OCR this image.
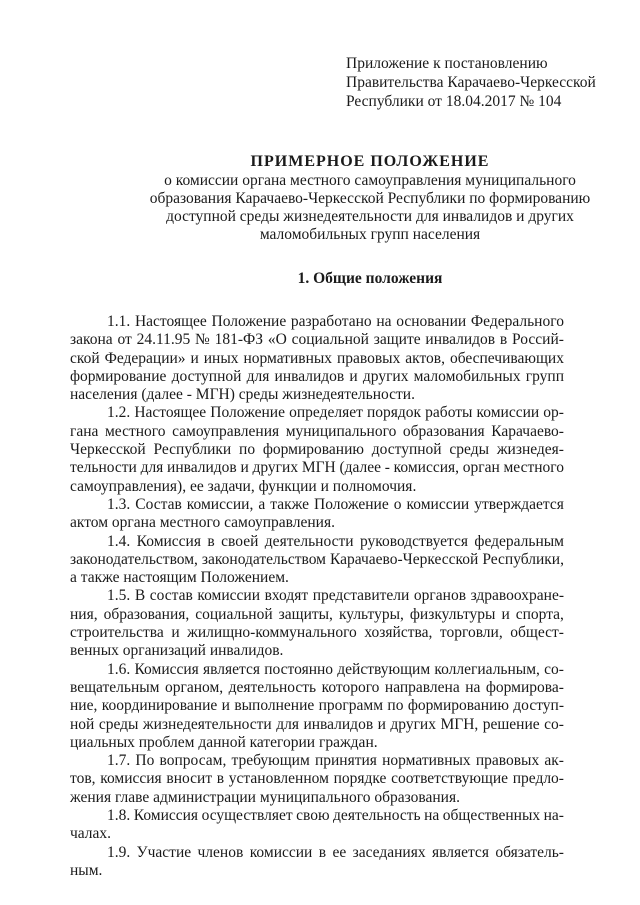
Приложение к постановлению
Правительства Карачаево-Черкесской
Республики от 18.04.2017 № 104
ПРИМЕРНОЕ ПОЛОЖЕНИЕ
о комиссии органа местного самоуправления муниципального
образования Карачаево-Черкесской Республики по формированию
доступной среды жизнедеятельности для инвалидов и других
маломобильных групп населения
1. Общие положения
1.1. Настоящее Положение разработано на основании Федерального
закона от 24.11.95 № 181-ФЗ «О социальной защите инвалидов в Россий-
ской Федерации» и иных нормативных правовых актов, обеспечивающих
формирование доступной для инвалидов и других маломобильных групп
населения (далее - МГН) среды жизнедеятельности.
1.2. Настоящее Положение определяет порядок работы комиссии ор-
гана местного самоуправления муниципального образования Карачаево-
Черкесской Республики по формированию доступной среды жизнедея-
тельности для инвалидов и других МГН (далее - комиссия, орган местного
самоуправления), ее задачи, функции и полномочия.
1.3. Состав комиссии, а также Положение о комиссии утверждается
актом органа местного самоуправления.
1.4. Комиссия в своей деятельности руководствуется федеральным
законодательством, законодательством Карачаево-Черкесской Республики,
а также настоящим Положением.
1.5. В состав комиссии входят представители органов здравоохране-
ния, образования, социальной защиты, культуры, физкультуры и спорта,
строительства и жилищно-коммунального хозяйства, торговли, общест-
венных организаций инвалидов.
1.6. Комиссия является постоянно действующим коллегиальным, со-
вещательным органом, деятельность которого направлена на формирова-
ние, координирование и выполнение программ по формированию доступ-
ной среды жизнедеятельности для инвалидов и других МГН, решение со-
циальных проблем данной категории граждан.
1.7. По вопросам, требующим принятия нормативных правовых ак-
тов, комиссия вносит в установленном порядке соответствующие предло-
жения главе администрации муниципального образования.
1.8. Комиссия осуществляет свою деятельность на общественных на-
чалах.
1.9. Участие членов комиссии в ее заседаниях является обязатель-
ным.
